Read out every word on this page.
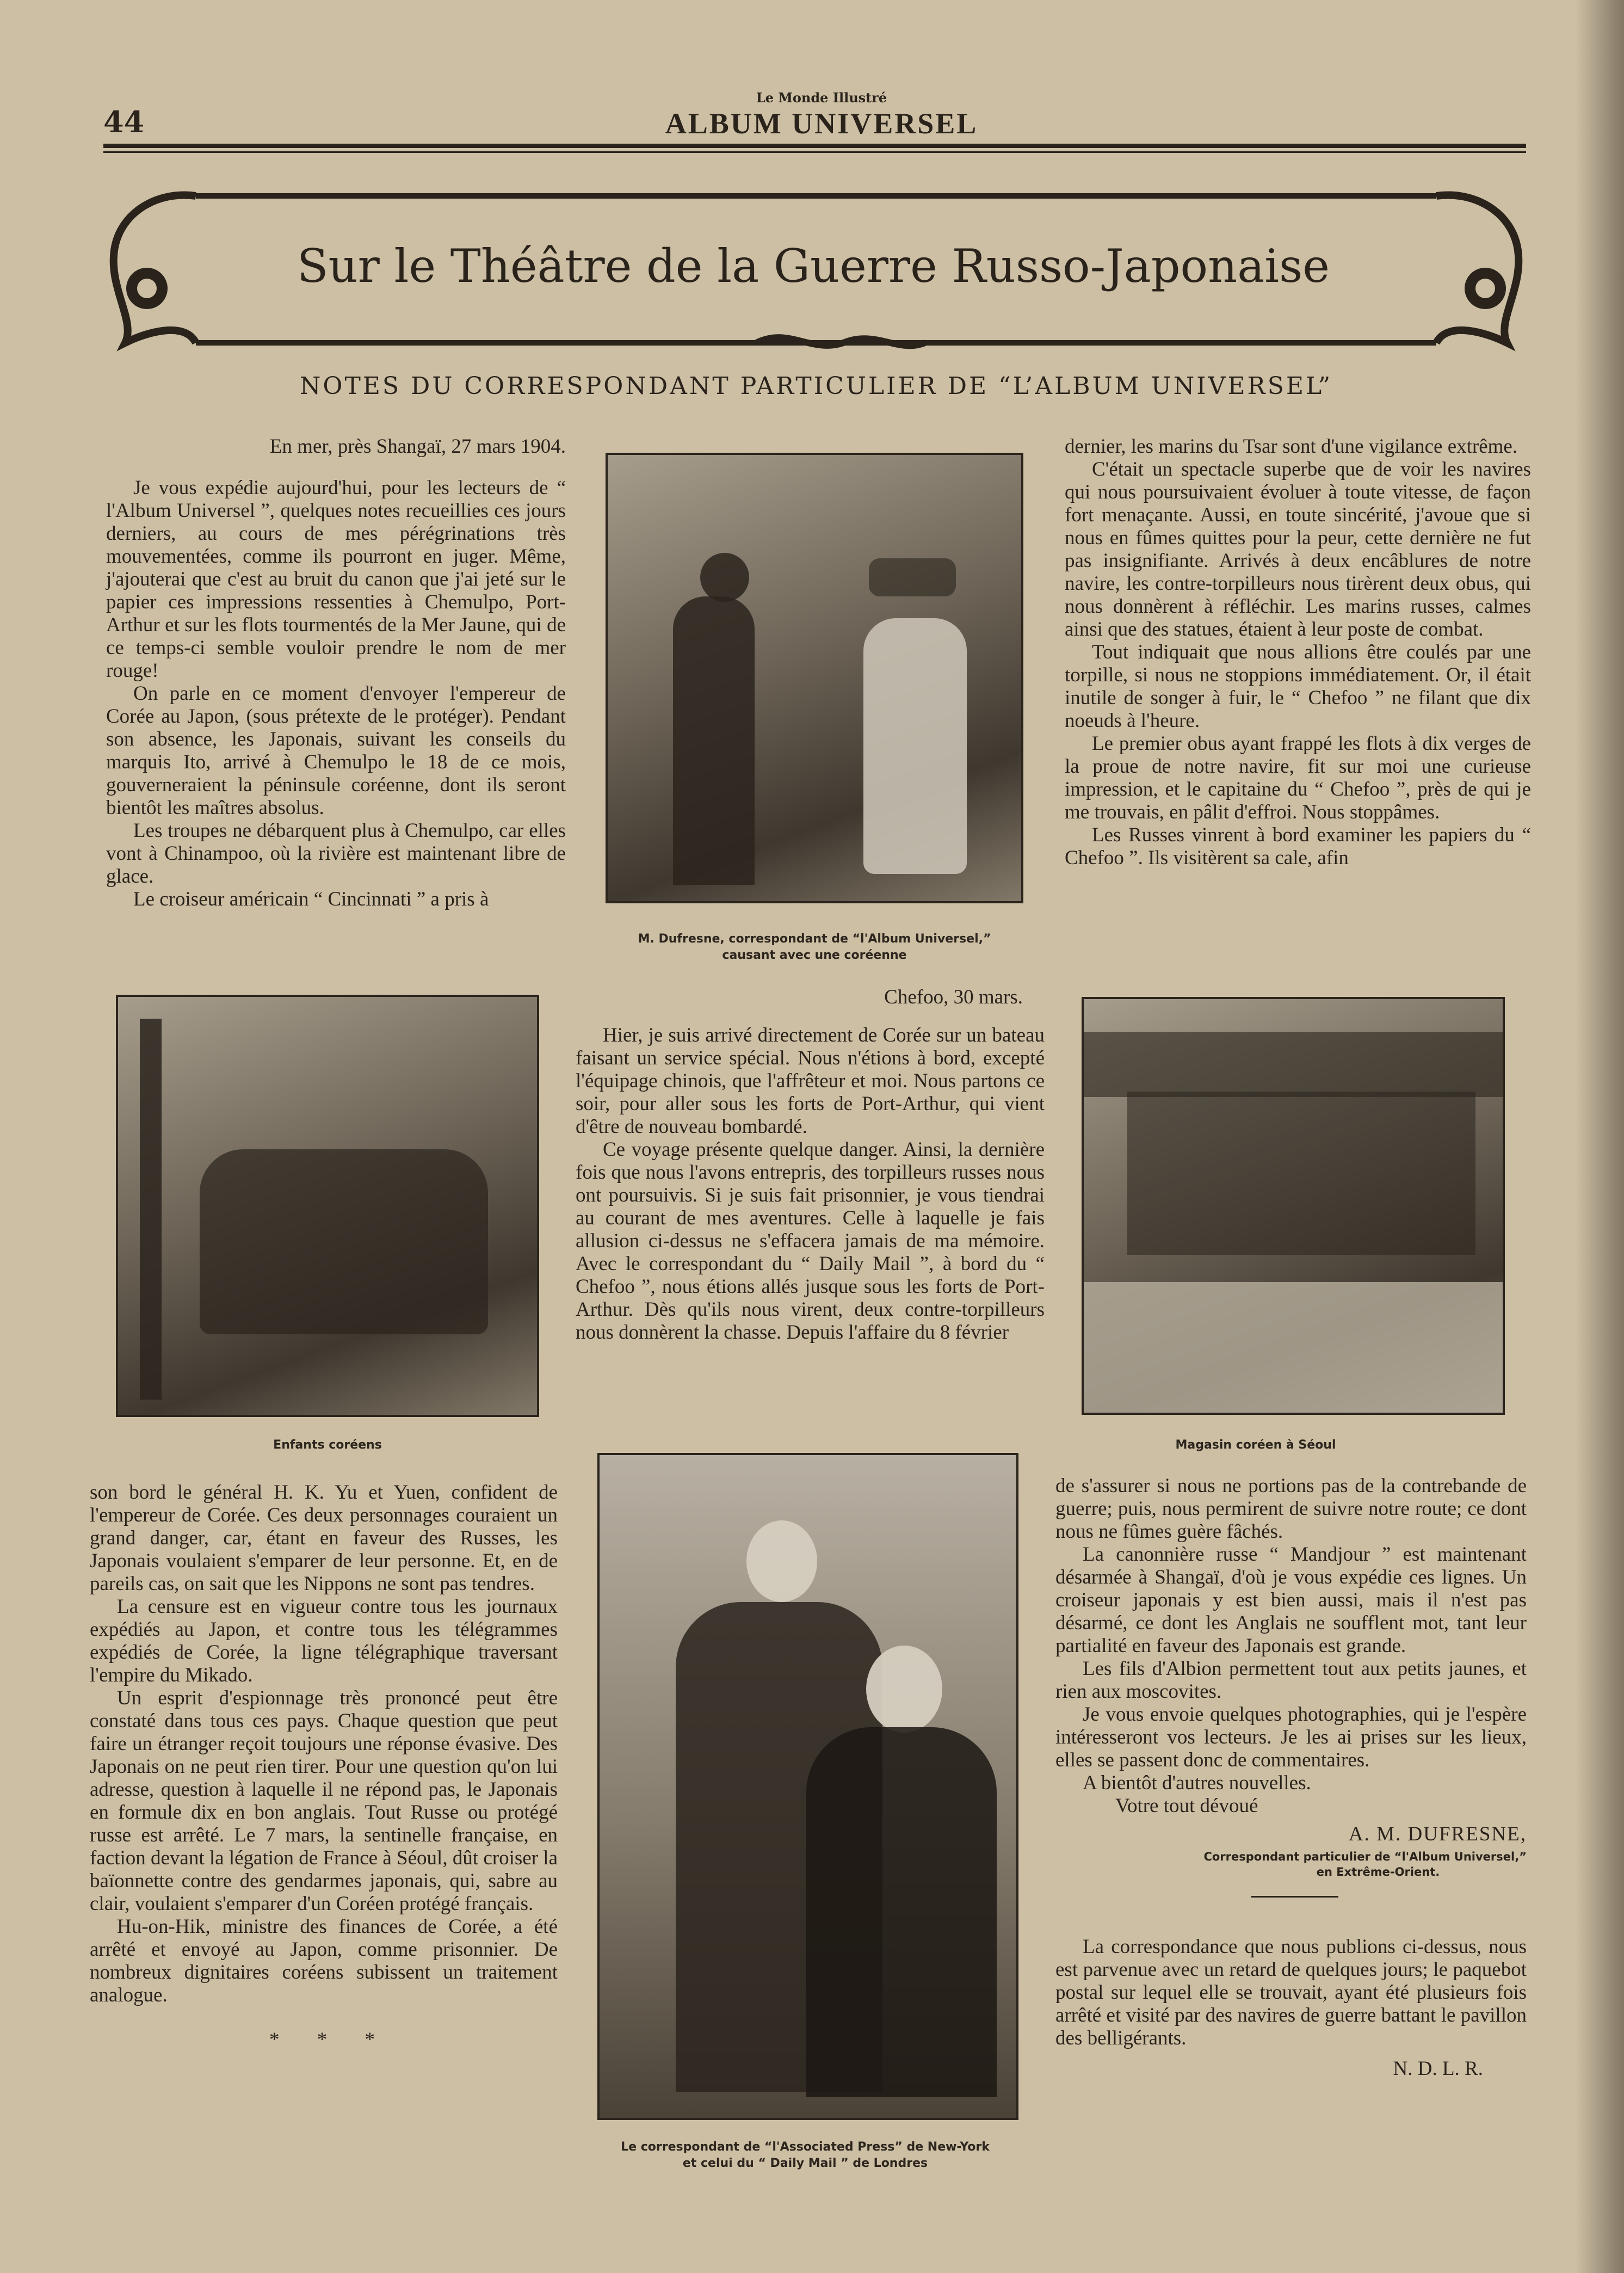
44
Le Monde Illustré
ALBUM UNIVERSEL
Sur le Théâtre de la Guerre Russo-Japonaise
NOTES DU CORRESPONDANT PARTICULIER DE “L’ALBUM UNIVERSEL”
En mer, près Shangaï, 27 mars 1904.

Je vous expédie aujourd'hui, pour les lecteurs de “ l'Album Universel ”, quelques notes recueillies ces jours derniers, au cours de mes pérégrinations très mouvementées, comme ils pourront en juger. Même, j'ajouterai que c'est au bruit du canon que j'ai jeté sur le papier ces impressions ressenties à Chemulpo, Port-Arthur et sur les flots tourmentés de la Mer Jaune, qui de ce temps-ci semble vouloir prendre le nom de mer rouge!

On parle en ce moment d'envoyer l'empereur de Corée au Japon, (sous prétexte de le protéger). Pendant son absence, les Japonais, suivant les conseils du marquis Ito, arrivé à Chemulpo le 18 de ce mois, gouverneraient la péninsule coréenne, dont ils seront bientôt les maîtres absolus.

Les troupes ne débarquent plus à Chemulpo, car elles vont à Chinampoo, où la rivière est maintenant libre de glace.

Le croiseur américain “ Cincinnati ” a pris à

M. Dufresne, correspondant de “l'Album Universel,”
causant avec une coréenne
dernier, les marins du Tsar sont d'une vigilance extrême.

C'était un spectacle superbe que de voir les navires qui nous poursuivaient évoluer à toute vitesse, de façon fort menaçante. Aussi, en toute sincérité, j'avoue que si nous en fûmes quittes pour la peur, cette dernière ne fut pas insignifiante. Arrivés à deux encâblures de notre navire, les contre-torpilleurs nous tirèrent deux obus, qui nous donnèrent à réfléchir. Les marins russes, calmes ainsi que des statues, étaient à leur poste de combat.

Tout indiquait que nous allions être coulés par une torpille, si nous ne stoppions immédiatement. Or, il était inutile de songer à fuir, le “ Chefoo ” ne filant que dix noeuds à l'heure.

Le premier obus ayant frappé les flots à dix verges de la proue de notre navire, fit sur moi une curieuse impression, et le capitaine du “ Chefoo ”, près de qui je me trouvais, en pâlit d'effroi. Nous stoppâmes.

Les Russes vinrent à bord examiner les papiers du “ Chefoo ”. Ils visitèrent sa cale, afin

Enfants coréens
Chefoo, 30 mars.

Hier, je suis arrivé directement de Corée sur un bateau faisant un service spécial. Nous n'étions à bord, excepté l'équipage chinois, que l'affrêteur et moi. Nous partons ce soir, pour aller sous les forts de Port-Arthur, qui vient d'être de nouveau bombardé.

Ce voyage présente quelque danger. Ainsi, la dernière fois que nous l'avons entrepris, des torpilleurs russes nous ont poursuivis. Si je suis fait prisonnier, je vous tiendrai au courant de mes aventures. Celle à laquelle je fais allusion ci-dessus ne s'effacera jamais de ma mémoire. Avec le correspondant du “ Daily Mail ”, à bord du “ Chefoo ”, nous étions allés jusque sous les forts de Port-Arthur. Dès qu'ils nous virent, deux contre-torpilleurs nous donnèrent la chasse. Depuis l'affaire du 8 février

Magasin coréen à Séoul
son bord le général H. K. Yu et Yuen, confident de l'empereur de Corée. Ces deux personnages couraient un grand danger, car, étant en faveur des Russes, les Japonais voulaient s'emparer de leur personne. Et, en de pareils cas, on sait que les Nippons ne sont pas tendres.

La censure est en vigueur contre tous les journaux expédiés au Japon, et contre tous les télégrammes expédiés de Corée, la ligne télégraphique traversant l'empire du Mikado.

Un esprit d'espionnage très prononcé peut être constaté dans tous ces pays. Chaque question que peut faire un étranger reçoit toujours une réponse évasive. Des Japonais on ne peut rien tirer. Pour une question qu'on lui adresse, question à laquelle il ne répond pas, le Japonais en formule dix en bon anglais. Tout Russe ou protégé russe est arrêté. Le 7 mars, la sentinelle française, en faction devant la légation de France à Séoul, dût croiser la baïonnette contre des gendarmes japonais, qui, sabre au clair, voulaient s'emparer d'un Coréen protégé français.

Hu-on-Hik, ministre des finances de Corée, a été arrêté et envoyé au Japon, comme prisonnier. De nombreux dignitaires coréens subissent un traitement analogue.

* * *
Le correspondant de “l'Associated Press” de New-York
et celui du “ Daily Mail ” de Londres
de s'assurer si nous ne portions pas de la contrebande de guerre; puis, nous permirent de suivre notre route; ce dont nous ne fûmes guère fâchés.

La canonnière russe “ Mandjour ” est maintenant désarmée à Shangaï, d'où je vous expédie ces lignes. Un croiseur japonais y est bien aussi, mais il n'est pas désarmé, ce dont les Anglais ne soufflent mot, tant leur partialité en faveur des Japonais est grande.

Les fils d'Albion permettent tout aux petits jaunes, et rien aux moscovites.

Je vous envoie quelques photographies, qui je l'espère intéresseront vos lecteurs. Je les ai prises sur les lieux, elles se passent donc de commentaires.

A bientôt d'autres nouvelles.

Votre tout dévoué
A. M. DUFRESNE,
Correspondant particulier de “l'Album Universel,”
en Extrême-Orient.

La correspondance que nous publions ci-dessus, nous est parvenue avec un retard de quelques jours; le paquebot postal sur lequel elle se trouvait, ayant été plusieurs fois arrêté et visité par des navires de guerre battant le pavillon des belligérants.

N. D. L. R.
